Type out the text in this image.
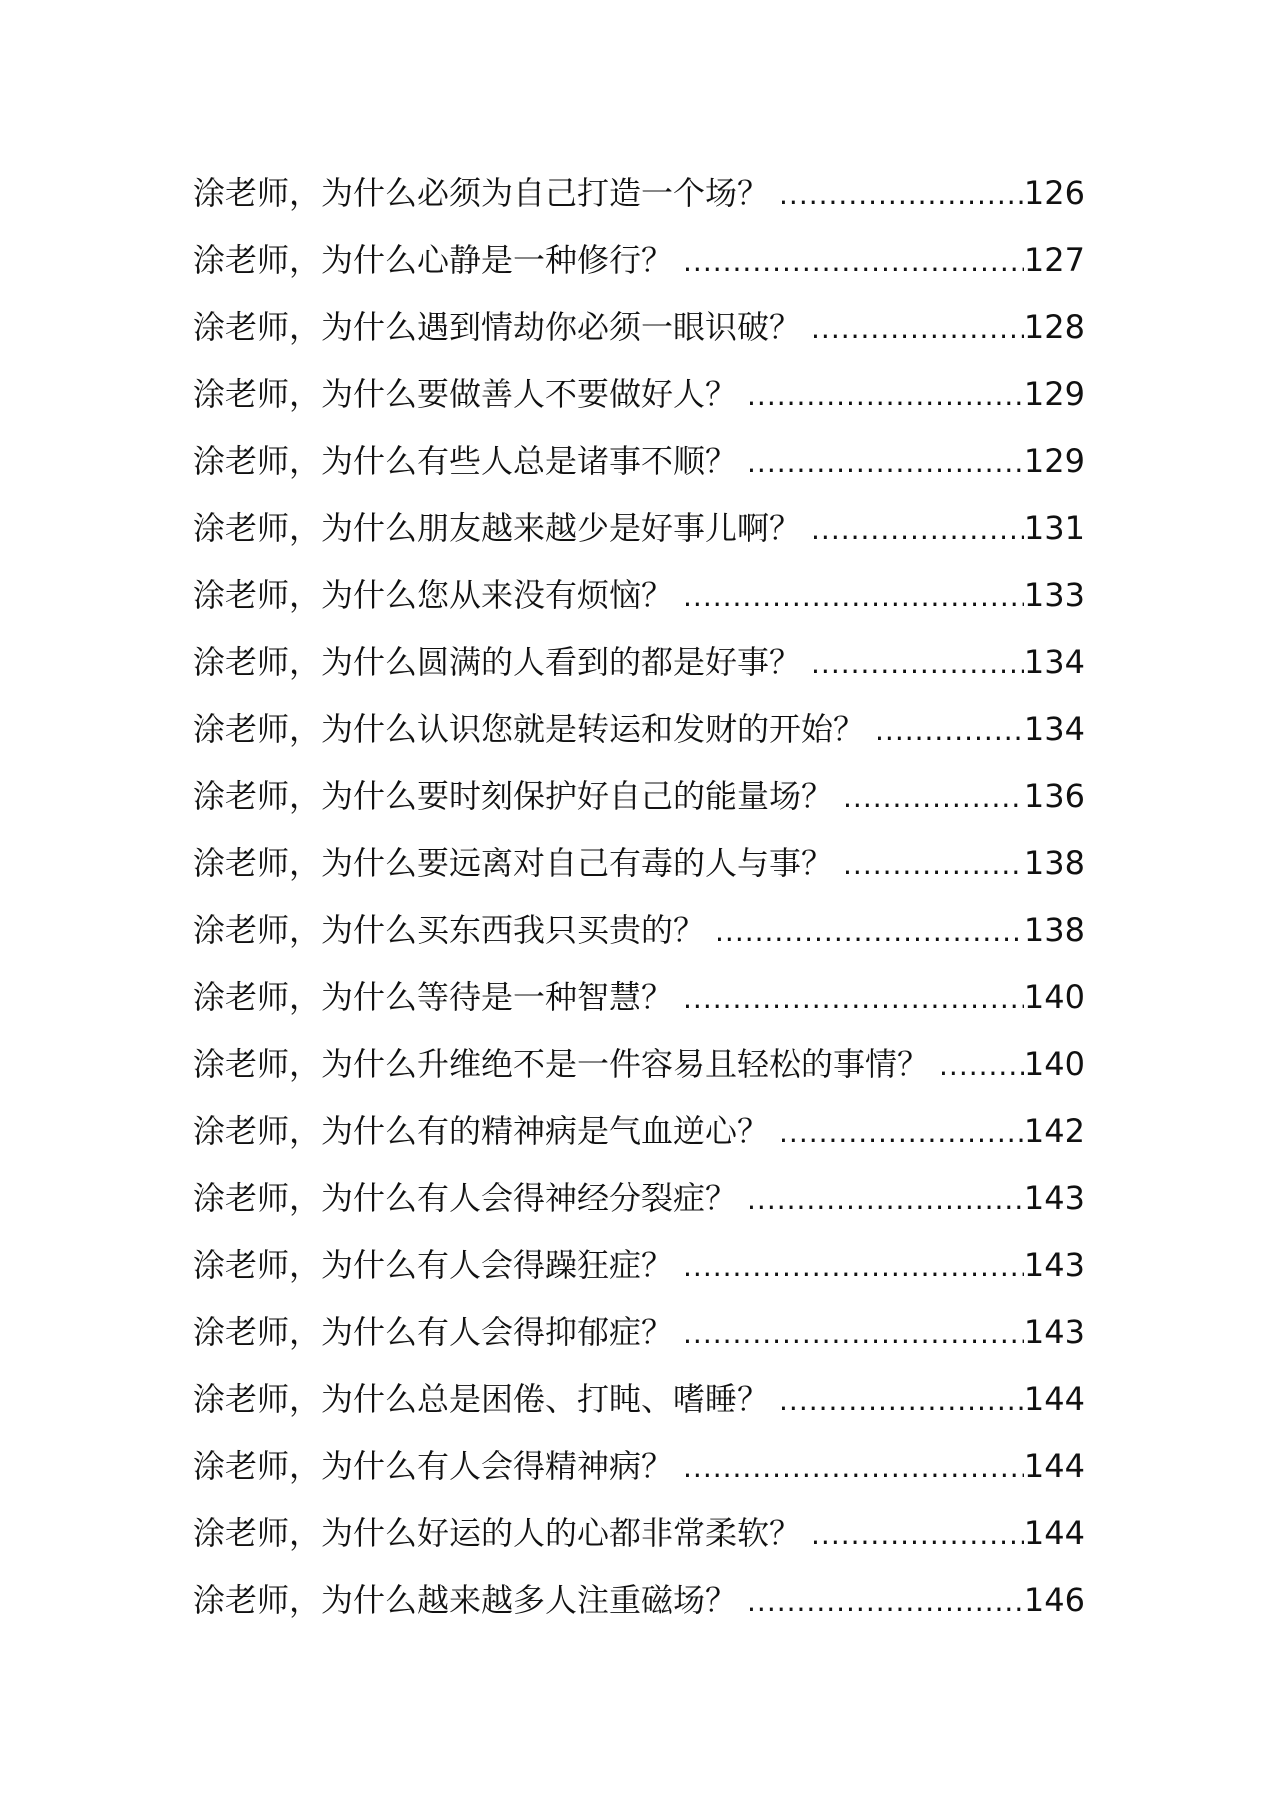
涂老师，为什么必须为自己打造一个场？ .....	126
涂老师，为什么心静是一种修行？ .....	127
涂老师，为什么遇到情劫你必须一眼识破？ .....	128
涂老师，为什么要做善人不要做好人？ .....	129
涂老师，为什么有些人总是诸事不顺？ .....	129
涂老师，为什么朋友越来越少是好事儿啊？ .....	131
涂老师，为什么您从来没有烦恼？ .....	133
涂老师，为什么圆满的人看到的都是好事？ .....	134
涂老师，为什么认识您就是转运和发财的开始？ .....	134
涂老师，为什么要时刻保护好自己的能量场？ .....	136
涂老师，为什么要远离对自己有毒的人与事？ .....	138
涂老师，为什么买东西我只买贵的？ .....	138
涂老师，为什么等待是一种智慧？ .....	140
涂老师，为什么升维绝不是一件容易且轻松的事情？ .....	140
涂老师，为什么有的精神病是气血逆心？ .....	142
涂老师，为什么有人会得神经分裂症？ .....	143
涂老师，为什么有人会得躁狂症？ .....	143
涂老师，为什么有人会得抑郁症？ .....	143
涂老师，为什么总是困倦、打盹、嗜睡？ .....	144
涂老师，为什么有人会得精神病？ .....	144
涂老师，为什么好运的人的心都非常柔软？ .....	144
涂老师，为什么越来越多人注重磁场？ .....	146
